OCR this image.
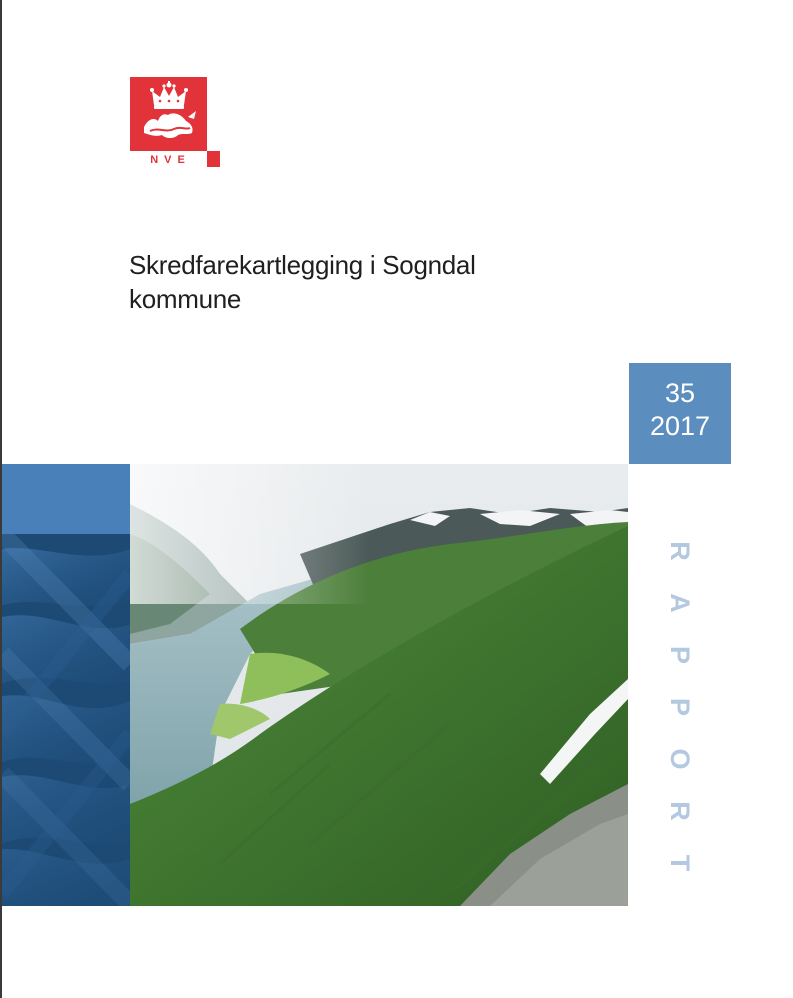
NVE
Skredfarekartlegging i Sogndal
kommune
35
2017
R
A
P
P
O
R
T
